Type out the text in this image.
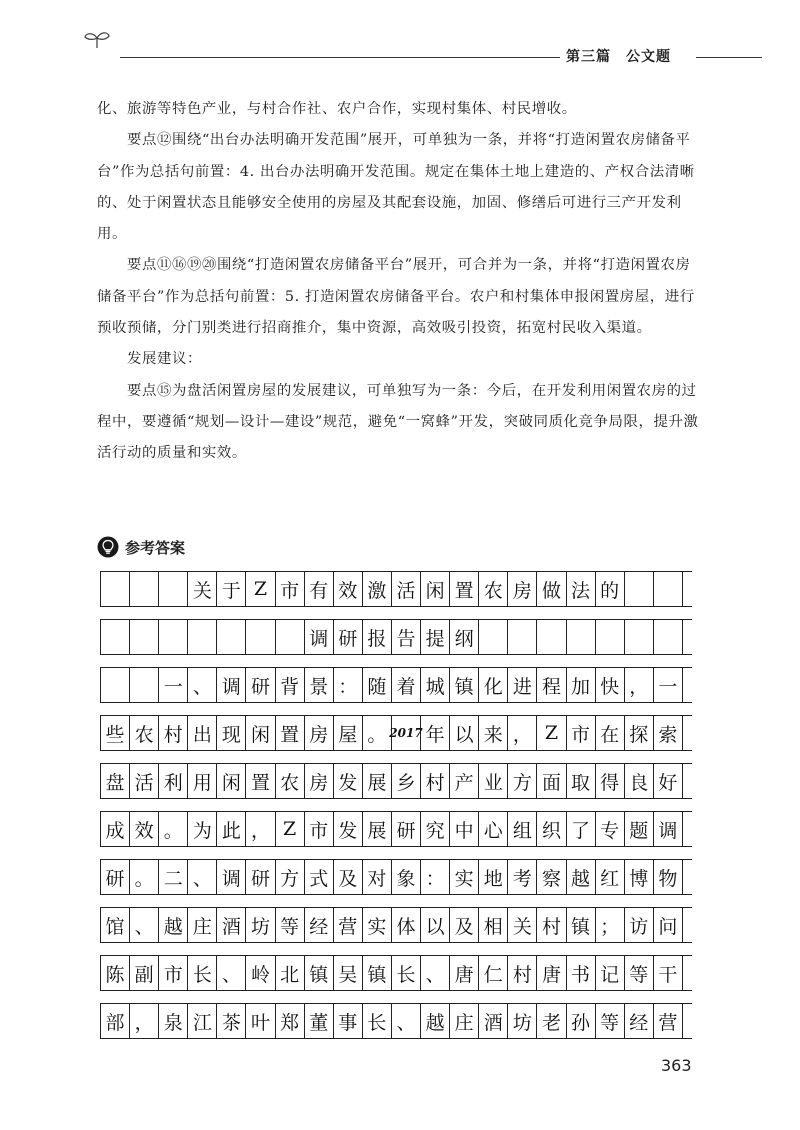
第三篇　公文题

化、旅游等特色产业，与村合作社、农户合作，实现村集体、村民增收。

要点⑫围绕“出台办法明确开发范围”展开，可单独为一条，并将“打造闲置农房储备平台”作为总括句前置：4. 出台办法明确开发范围。规定在集体土地上建造的、产权合法清晰的、处于闲置状态且能够安全使用的房屋及其配套设施，加固、修缮后可进行三产开发利用。

要点⑪⑯⑲⑳围绕“打造闲置农房储备平台”展开，可合并为一条，并将“打造闲置农房储备平台”作为总括句前置：5. 打造闲置农房储备平台。农户和村集体申报闲置房屋，进行预收预储，分门别类进行招商推介，集中资源，高效吸引投资，拓宽村民收入渠道。

发展建议：

要点⑮为盘活闲置房屋的发展建议，可单独写为一条：今后，在开发利用闲置农房的过程中，要遵循“规划—设计—建设”规范，避免“一窝蜂”开发，突破同质化竞争局限，提升激活行动的质量和实效。

参考答案
关 于 Z 市 有 效 激 活 闲 置 农 房 做 法 的
调 研 报 告 提 纲
一 、 调 研 背 景 ： 随 着 城 镇 化 进 程 加 快 ， 一
些 农 村 出 现 闲 置 房 屋 。 2017 年 以 来 ， Z 市 在 探 索
盘 活 利 用 闲 置 农 房 发 展 乡 村 产 业 方 面 取 得 良 好
成 效 。 为 此 ， Z 市 发 展 研 究 中 心 组 织 了 专 题 调
研 。 二 、 调 研 方 式 及 对 象 ： 实 地 考 察 越 红 博 物
馆 、 越 庄 酒 坊 等 经 营 实 体 以 及 相 关 村 镇 ； 访 问
陈 副 市 长 、 岭 北 镇 吴 镇 长 、 唐 仁 村 唐 书 记 等 干
部 ， 泉 江 茶 叶 郑 董 事 长 、 越 庄 酒 坊 老 孙 等 经 营
363
